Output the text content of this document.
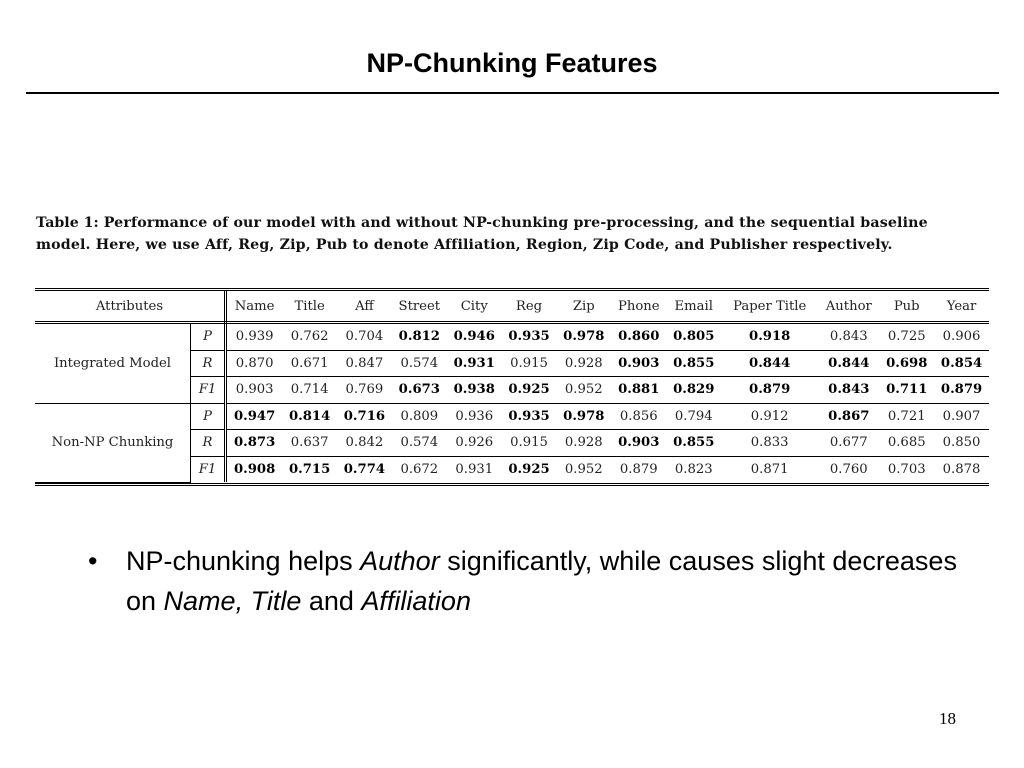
NP-Chunking Features
Table 1: Performance of our model with and without NP-chunking pre-processing, and the sequential baseline
model. Here, we use Aff, Reg, Zip, Pub to denote Affiliation, Region, Zip Code, and Publisher respectively.
Attributes		Name	Title	Aff	Street	City	Reg	Zip	Phone	Email	Paper Title	Author	Pub	Year
Integrated Model	P	0.939	0.762	0.704	0.812	0.946	0.935	0.978	0.860	0.805	0.918	0.843	0.725	0.906
	R	0.870	0.671	0.847	0.574	0.931	0.915	0.928	0.903	0.855	0.844	0.844	0.698	0.854
	F1	0.903	0.714	0.769	0.673	0.938	0.925	0.952	0.881	0.829	0.879	0.843	0.711	0.879
Non-NP Chunking	P	0.947	0.814	0.716	0.809	0.936	0.935	0.978	0.856	0.794	0.912	0.867	0.721	0.907
	R	0.873	0.637	0.842	0.574	0.926	0.915	0.928	0.903	0.855	0.833	0.677	0.685	0.850
	F1	0.908	0.715	0.774	0.672	0.931	0.925	0.952	0.879	0.823	0.871	0.760	0.703	0.878
• NP-chunking helps Author significantly, while causes slight decreases on Name, Title and Affiliation
18
